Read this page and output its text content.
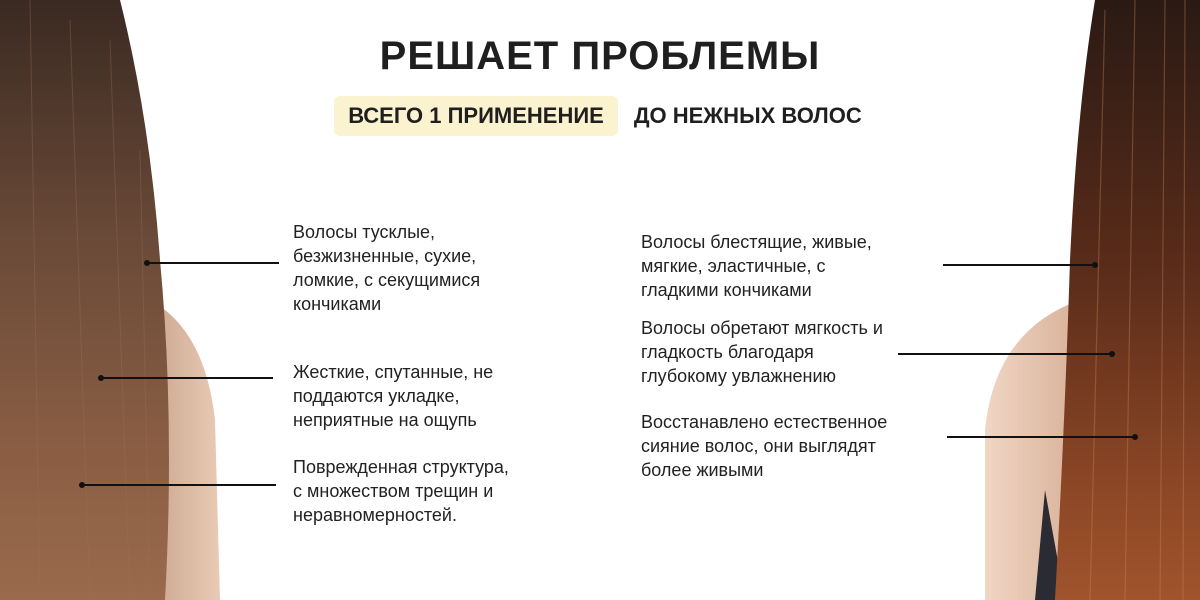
РЕШАЕТ ПРОБЛЕМЫ
ВСЕГО 1 ПРИМЕНЕНИЕ	ДО НЕЖНЫХ ВОЛОС
Волосы тусклые,
безжизненные, сухие,
ломкие, с секущимися
кончиками
Жесткие, спутанные, не
поддаются укладке,
неприятные на ощупь
Поврежденная структура,
с множеством трещин и
неравномерностей.
Волосы блестящие, живые,
мягкие, эластичные, с
гладкими кончиками
Волосы обретают мягкость и
гладкость благодаря
глубокому увлажнению
Восстанавлено естественное
сияние волос, они выглядят
более живыми
